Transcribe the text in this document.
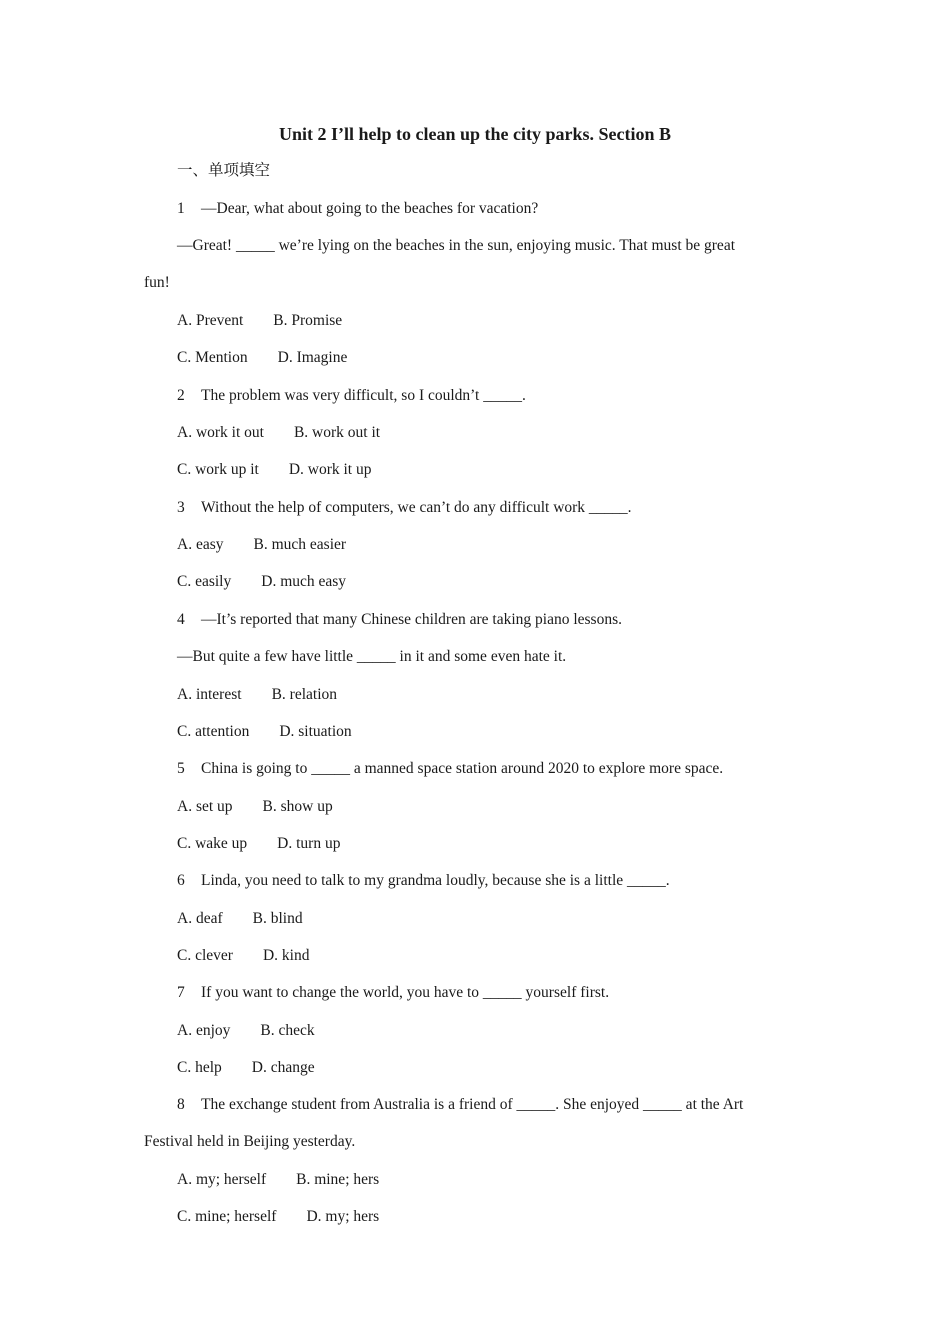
Unit 2 I’ll help to clean up the city parks. Section B
一、单项填空
1 —Dear, what about going to the beaches for vacation?
—Great! _____ we’re lying on the beaches in the sun, enjoying music. That must be great
fun!
A. Prevent B. Promise
C. Mention D. Imagine
2 The problem was very difficult, so I couldn’t _____.
A. work it out B. work out it
C. work up it D. work it up
3 Without the help of computers, we can’t do any difficult work _____.
A. easy B. much easier
C. easily D. much easy
4 —It’s reported that many Chinese children are taking piano lessons.
—But quite a few have little _____ in it and some even hate it.
A. interest B. relation
C. attention D. situation
5 China is going to _____ a manned space station around 2020 to explore more space.
A. set up B. show up
C. wake up D. turn up
6 Linda, you need to talk to my grandma loudly, because she is a little _____.
A. deaf B. blind
C. clever D. kind
7 If you want to change the world, you have to _____ yourself first.
A. enjoy B. check
C. help D. change
8 The exchange student from Australia is a friend of _____. She enjoyed _____ at the Art
Festival held in Beijing yesterday.
A. my; herself B. mine; hers
C. mine; herself D. my; hers
